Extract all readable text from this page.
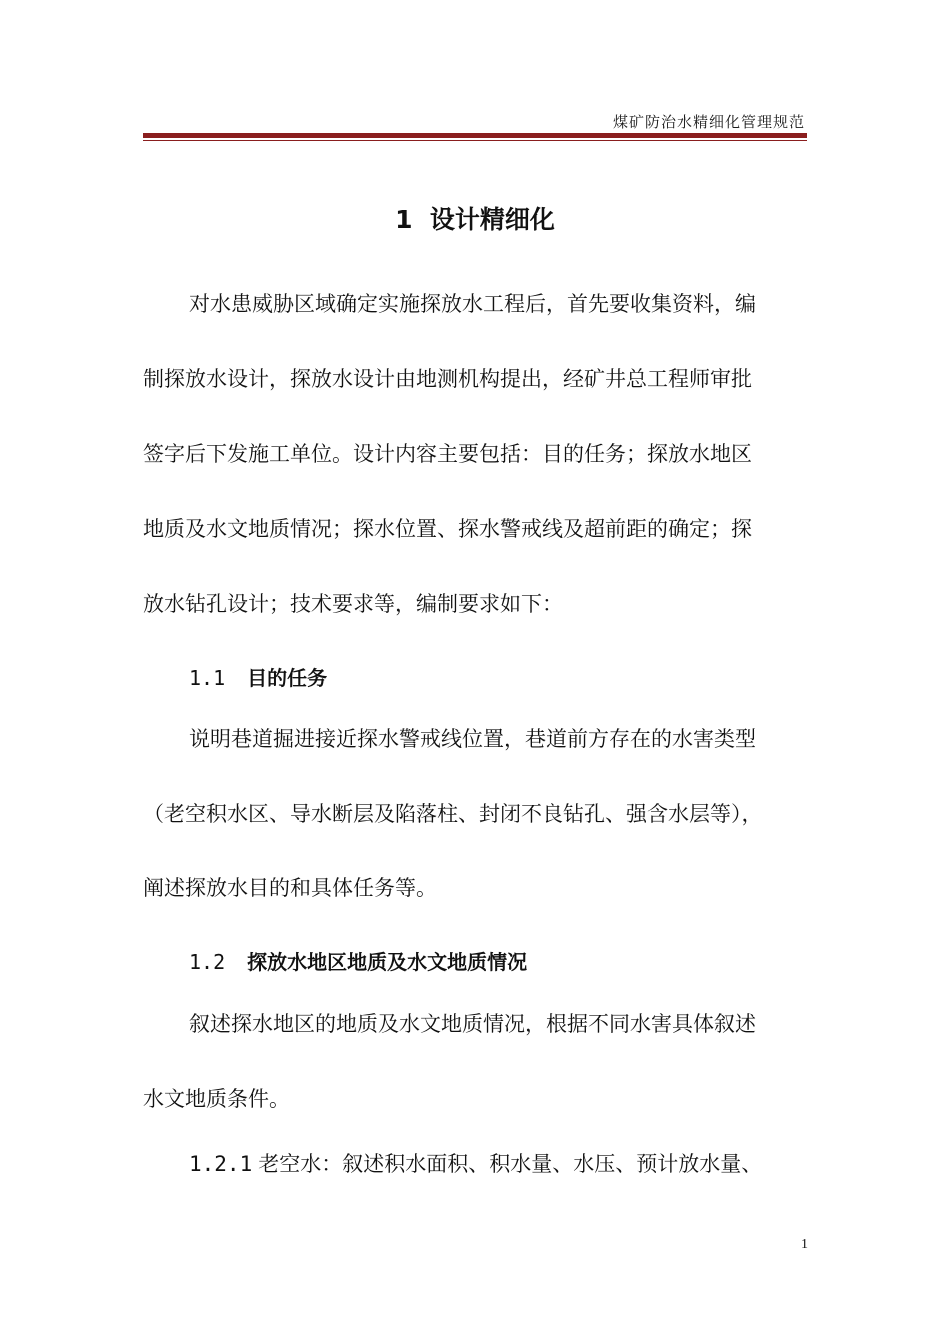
煤矿防治水精细化管理规范
1 设计精细化
对水患威胁区域确定实施探放水工程后，首先要收集资料，编
制探放水设计，探放水设计由地测机构提出，经矿井总工程师审批
签字后下发施工单位。设计内容主要包括：目的任务；探放水地区
地质及水文地质情况；探水位置、探水警戒线及超前距的确定；探
放水钻孔设计；技术要求等，编制要求如下：
1.1 目的任务
说明巷道掘进接近探水警戒线位置，巷道前方存在的水害类型
（老空积水区、导水断层及陷落柱、封闭不良钻孔、强含水层等），
阐述探放水目的和具体任务等。
1.2 探放水地区地质及水文地质情况
叙述探水地区的地质及水文地质情况，根据不同水害具体叙述
水文地质条件。
1.2.1 老空水：叙述积水面积、积水量、水压、预计放水量、
1
